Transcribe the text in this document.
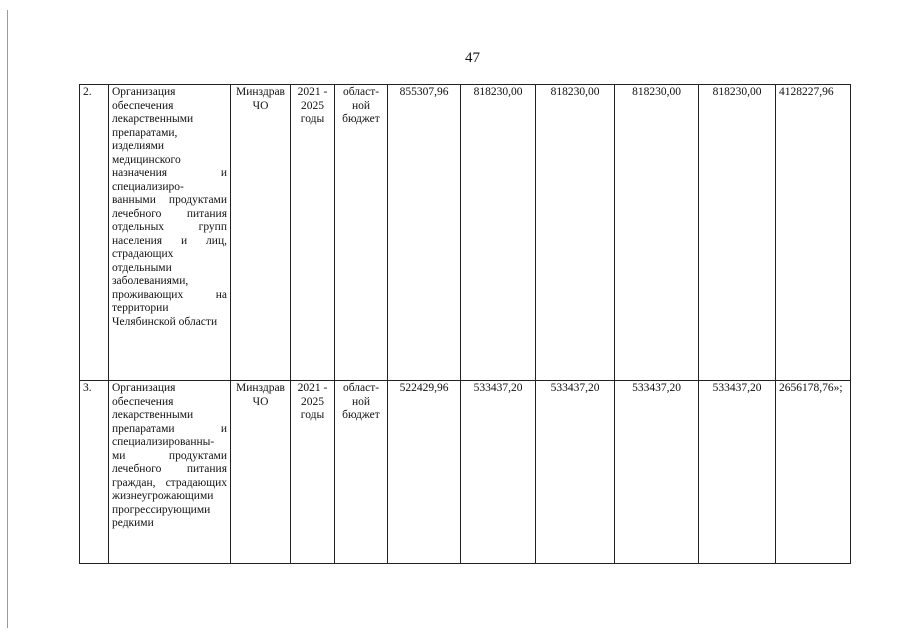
47
2.	Организация обеспечения лекарственными препаратами, изделиями медицинского назначения и специализиро-ванными продуктами лечебного питания отдельных групп населения и лиц, страдающих отдельными заболеваниями, проживающих на территории Челябинской области	Минздрав ЧО	2021 - 2025 годы	област-ной бюджет	855307,96	818230,00	818230,00	818230,00	818230,00	4128227,96
3.	Организация обеспечения лекарственными препаратами и специализированны-ми продуктами лечебного питания граждан, страдающих жизнеугрожающими прогрессирующими редкими	Минздрав ЧО	2021 - 2025 годы	област-ной бюджет	522429,96	533437,20	533437,20	533437,20	533437,20	2656178,76»;
